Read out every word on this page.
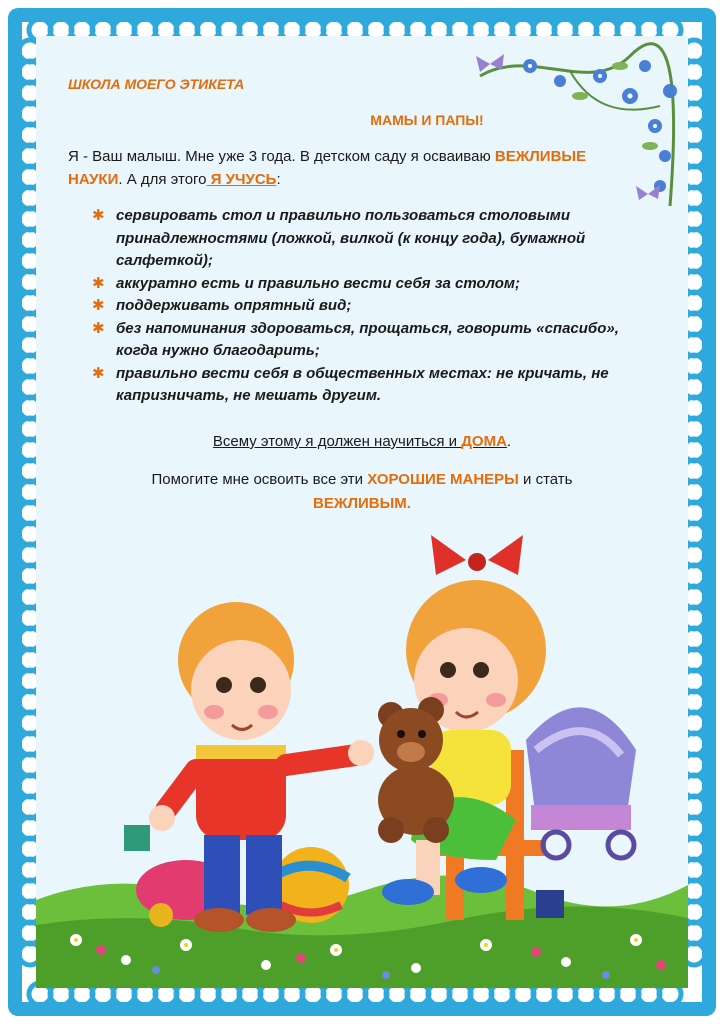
ШКОЛА МОЕГО ЭТИКЕТА
МАМЫ И ПАПЫ!

Я - Ваш малыш. Мне уже 3 года. В детском саду я осваиваю ВЕЖЛИВЫЕ НАУКИ. А для этого Я УЧУСЬ:

✱ сервировать стол и правильно пользоваться столовыми принадлежностями (ложкой, вилкой (к концу года), бумажной салфеткой);
✱ аккуратно есть и правильно вести себя за столом;
✱ поддерживать опрятный вид;
✱ без напоминания здороваться, прощаться, говорить «спасибо», когда нужно благодарить;
✱ правильно вести себя в общественных местах: не кричать, не капризничать, не мешать другим.

Всему этому я должен научиться и ДОМА.

Помогите мне освоить все эти ХОРОШИЕ МАНЕРЫ и стать
ВЕЖЛИВЫМ.
